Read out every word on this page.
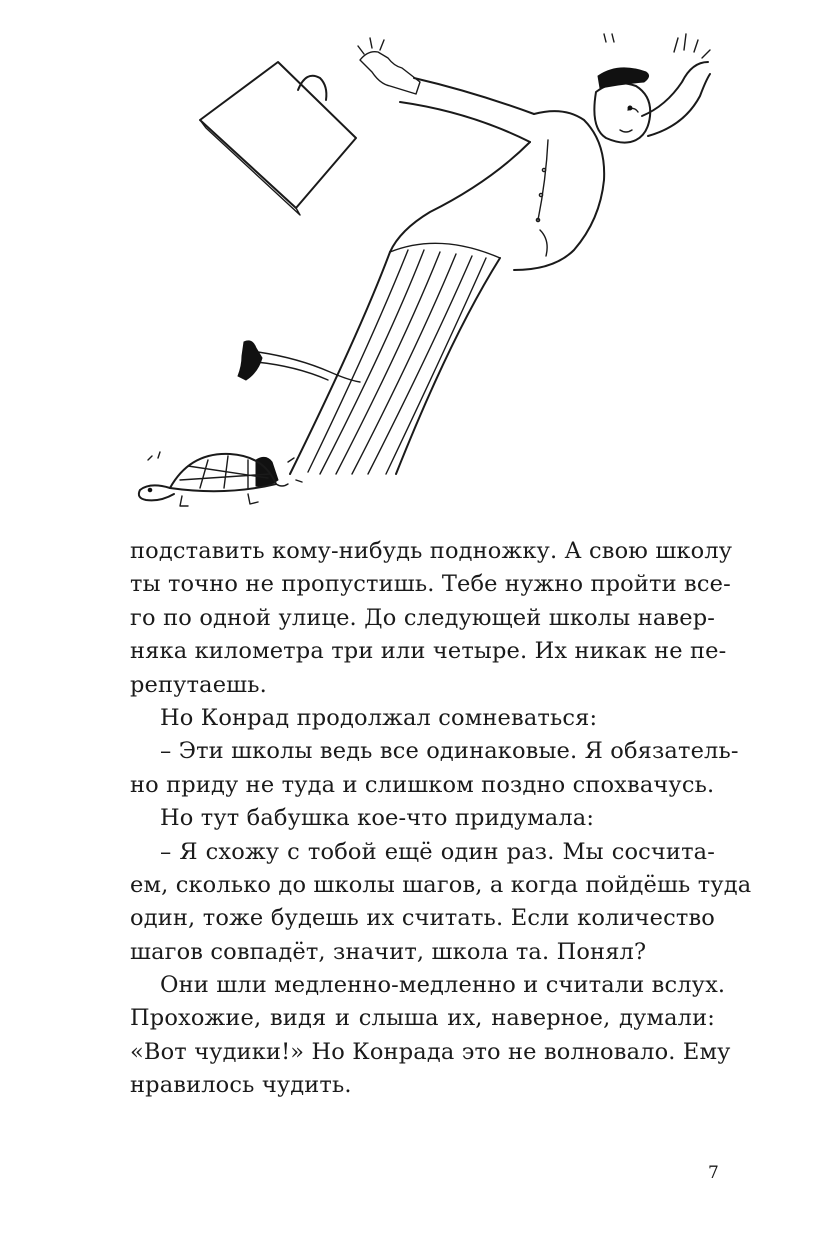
подставить кому-нибудь подножку. А свою школу
ты точно не пропустишь. Тебе нужно пройти все-
го по одной улице. До следующей школы навер-
няка километра три или четыре. Их никак не пе-
репутаешь.
Но Конрад продолжал сомневаться:
– Эти школы ведь все одинаковые. Я обязатель-
но приду не туда и слишком поздно спохвачусь.
Но тут бабушка кое-что придумала:
– Я схожу с тобой ещё один раз. Мы сосчита-
ем, сколько до школы шагов, а когда пойдёшь туда
один, тоже будешь их считать. Если количество
шагов совпадёт, значит, школа та. Понял?
Они шли медленно-медленно и считали вслух.
Прохожие, видя и слыша их, наверное, думали:
«Вот чудики!» Но Конрада это не волновало. Ему
нравилось чудить.
7
